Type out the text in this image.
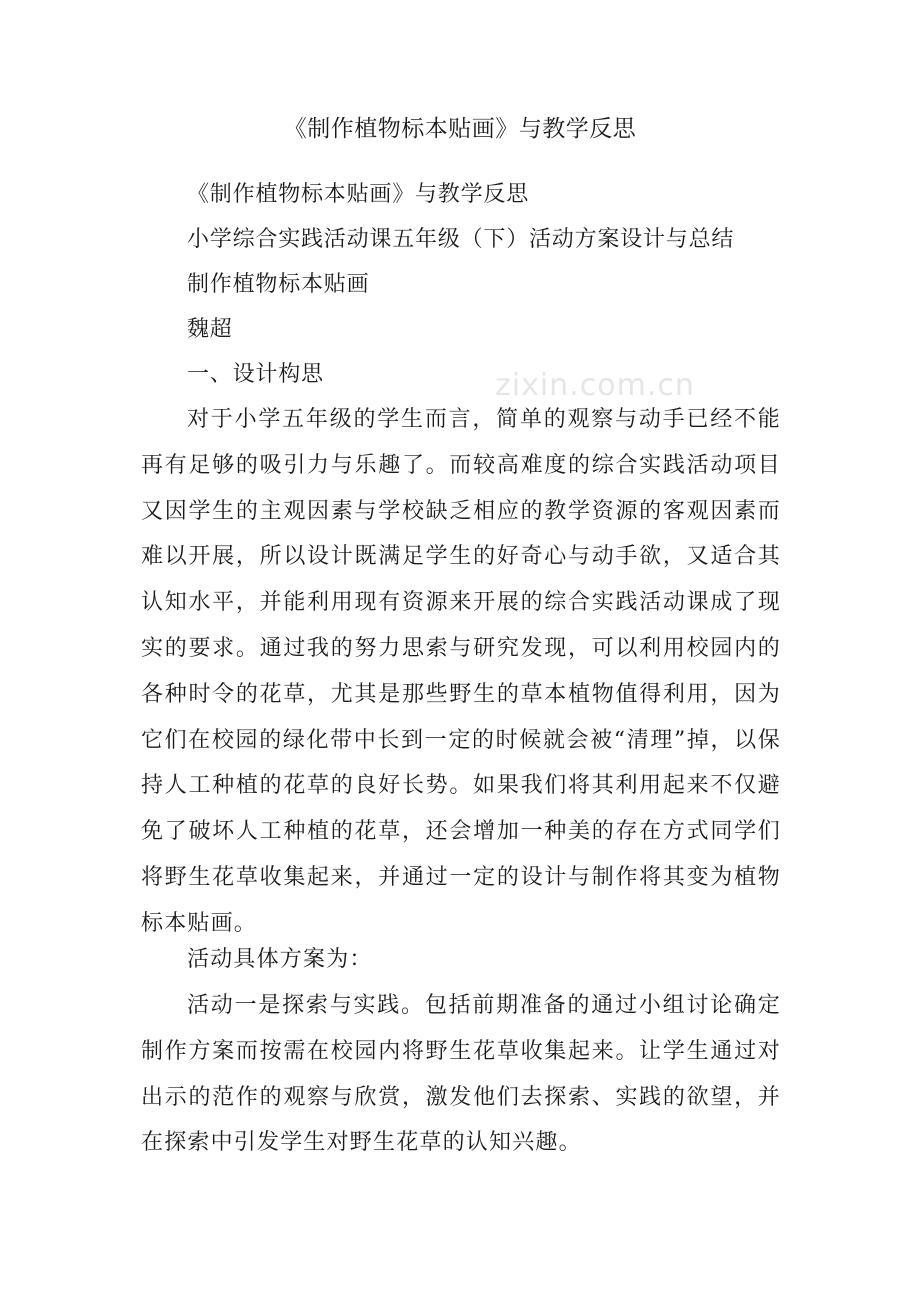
《制作植物标本贴画》与教学反思
《制作植物标本贴画》与教学反思
小学综合实践活动课五年级（下）活动方案设计与总结
制作植物标本贴画
魏超
一、设计构思	zixin.com.cn

对于小学五年级的学生而言，简单的观察与动手已经不能再有足够的吸引力与乐趣了。而较高难度的综合实践活动项目又因学生的主观因素与学校缺乏相应的教学资源的客观因素而难以开展，所以设计既满足学生的好奇心与动手欲，又适合其认知水平，并能利用现有资源来开展的综合实践活动课成了现实的要求。通过我的努力思索与研究发现，可以利用校园内的各种时令的花草，尤其是那些野生的草本植物值得利用，因为它们在校园的绿化带中长到一定的时候就会被“清理”掉，以保持人工种植的花草的良好长势。如果我们将其利用起来不仅避免了破坏人工种植的花草，还会增加一种美的存在方式同学们将野生花草收集起来，并通过一定的设计与制作将其变为植物标本贴画。

活动具体方案为：

活动一是探索与实践。包括前期准备的通过小组讨论确定制作方案而按需在校园内将野生花草收集起来。让学生通过对出示的范作的观察与欣赏，激发他们去探索、实践的欲望，并在探索中引发学生对野生花草的认知兴趣。
